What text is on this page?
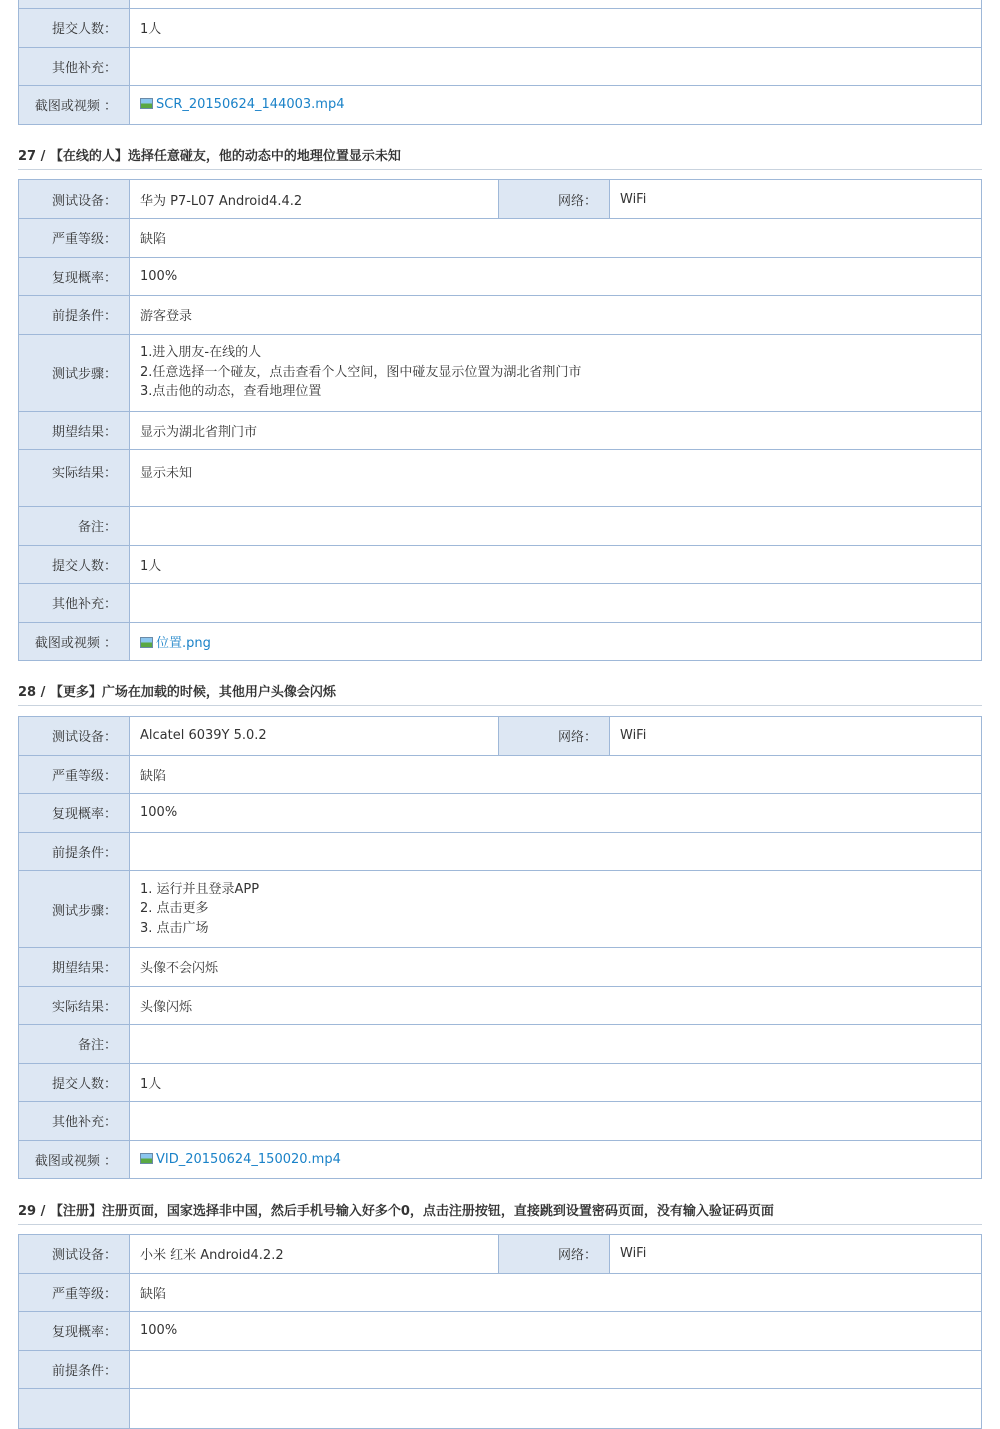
提交人数：	1人
其他补充：	
截图或视频 ：	SCR_20150624_144003.mp4
27 / 【在线的人】选择任意碰友，他的动态中的地理位置显示未知
测试设备：	华为 P7-L07 Android4.4.2	网络：	WiFi
严重等级：	缺陷		
复现概率：	100%		
前提条件：	游客登录		
测试步骤：	1.进入朋友-在线的人
2.任意选择一个碰友，点击查看个人空间，图中碰友显示位置为湖北省荆门市
3.点击他的动态，查看地理位置		

期望结果：	显示为湖北省荆门市		
实际结果：	显示未知		
备注：			
提交人数：	1人		
其他补充：			
截图或视频 ：	位置.png		
28 / 【更多】广场在加载的时候，其他用户头像会闪烁
测试设备：	Alcatel 6039Y 5.0.2	网络：	WiFi
严重等级：	缺陷		
复现概率：	100%		
前提条件：			
测试步骤：	1. 运行并且登录APP
2. 点击更多
3. 点击广场		

期望结果：	头像不会闪烁		
实际结果：	头像闪烁		
备注：			
提交人数：	1人		
其他补充：			
截图或视频 ：	VID_20150624_150020.mp4		
29 / 【注册】注册页面，国家选择非中国，然后手机号输入好多个0，点击注册按钮，直接跳到设置密码页面，没有输入验证码页面
测试设备：	小米 红米 Android4.2.2	网络：	WiFi
严重等级：	缺陷		
复现概率：	100%		
前提条件：			
